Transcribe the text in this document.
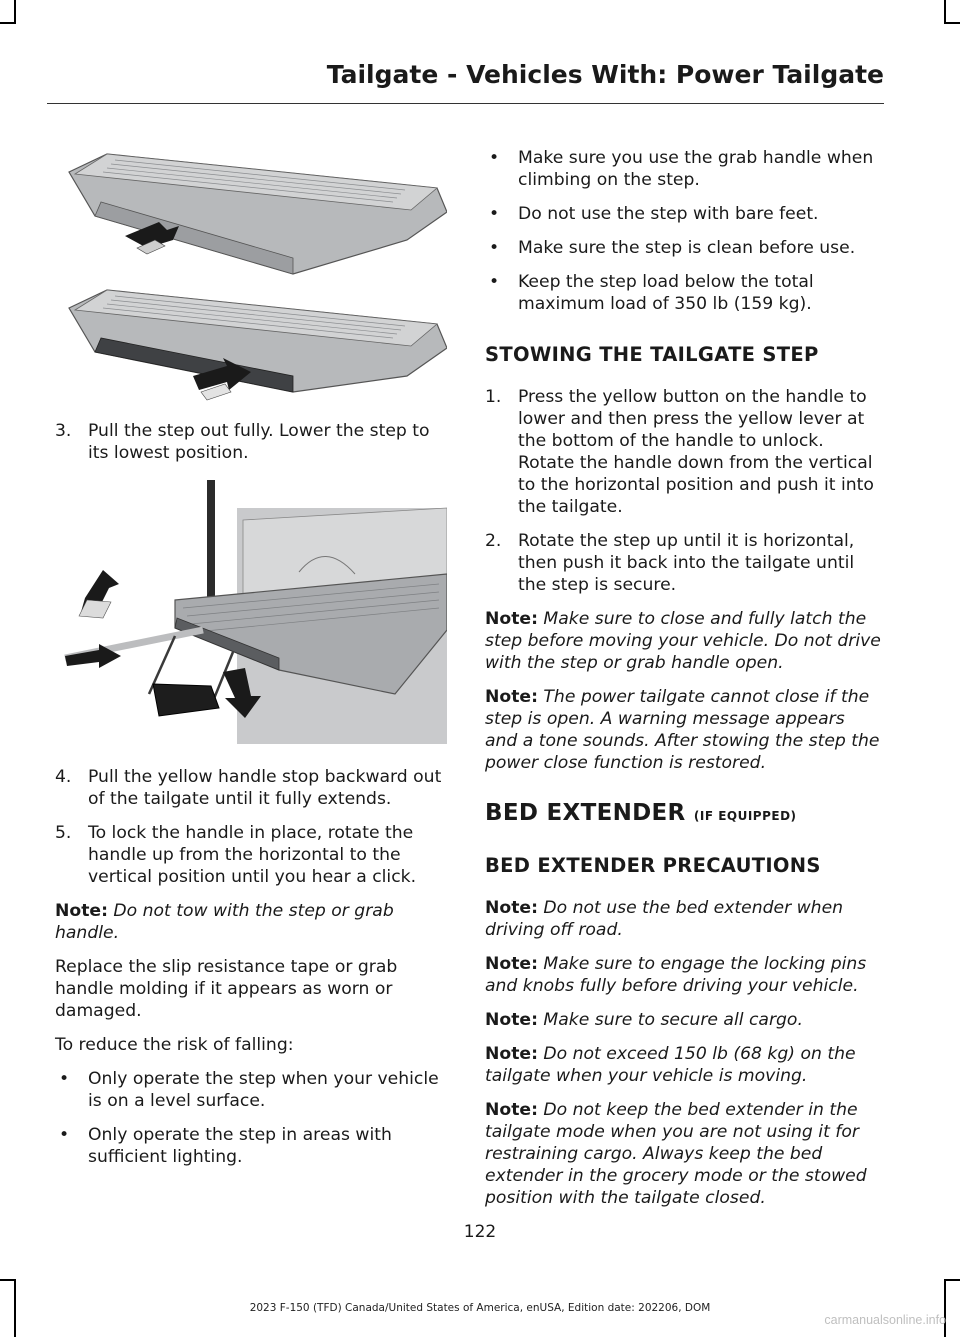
Tailgate - Vehicles With: Power Tailgate

3. Pull the step out fully. Lower the step to its lowest position.

4. Pull the yellow handle stop backward out of the tailgate until it fully extends.

5. To lock the handle in place, rotate the handle up from the horizontal to the vertical position until you hear a click.

Note: Do not tow with the step or grab handle.

Replace the slip resistance tape or grab handle molding if it appears as worn or damaged.

To reduce the risk of falling:

• Only operate the step when your vehicle is on a level surface.

• Only operate the step in areas with sufficient lighting.

• Make sure you use the grab handle when climbing on the step.

• Do not use the step with bare feet.

• Make sure the step is clean before use.

• Keep the step load below the total maximum load of 350 lb (159 kg).

STOWING THE TAILGATE STEP

1. Press the yellow button on the handle to lower and then press the yellow lever at the bottom of the handle to unlock. Rotate the handle down from the vertical to the horizontal position and push it into the tailgate.

2. Rotate the step up until it is horizontal, then push it back into the tailgate until the step is secure.

Note: Make sure to close and fully latch the step before moving your vehicle. Do not drive with the step or grab handle open.

Note: The power tailgate cannot close if the step is open. A warning message appears and a tone sounds. After stowing the step the power close function is restored.

BED EXTENDER (IF EQUIPPED)
BED EXTENDER PRECAUTIONS

Note: Do not use the bed extender when driving off road.

Note: Make sure to engage the locking pins and knobs fully before driving your vehicle.

Note: Make sure to secure all cargo.

Note: Do not exceed 150 lb (68 kg) on the tailgate when your vehicle is moving.

Note: Do not keep the bed extender in the tailgate mode when you are not using it for restraining cargo. Always keep the bed extender in the grocery mode or the stowed position with the tailgate closed.

122
2023 F-150 (TFD) Canada/United States of America, enUSA, Edition date: 202206, DOM
carmanualsonline.info
